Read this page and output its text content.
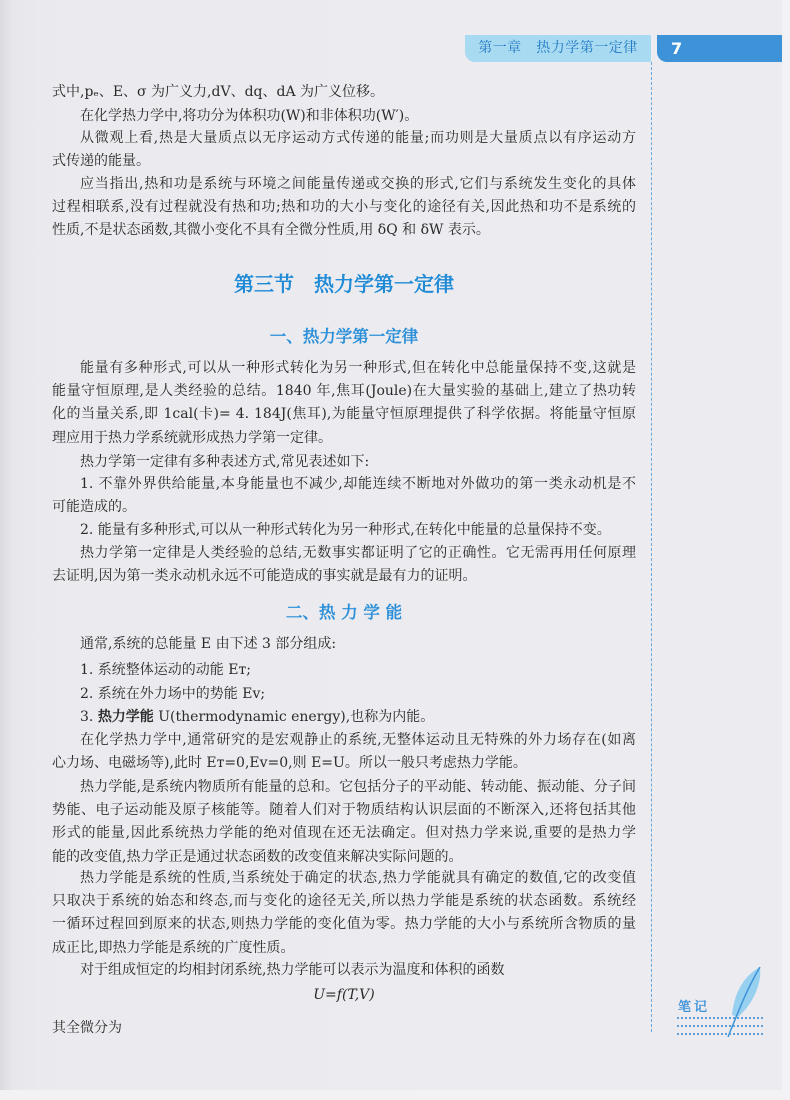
第一章　热力学第一定律	7
式中,pₑ、E、σ 为广义力,dV、dq、dA 为广义位移。
在化学热力学中,将功分为体积功(W)和非体积功(W′)。
从微观上看,热是大量质点以无序运动方式传递的能量;而功则是大量质点以有序运动方
式传递的能量。
应当指出,热和功是系统与环境之间能量传递或交换的形式,它们与系统发生变化的具体
过程相联系,没有过程就没有热和功;热和功的大小与变化的途径有关,因此热和功不是系统的
性质,不是状态函数,其微小变化不具有全微分性质,用 δQ 和 δW 表示。
第三节　热力学第一定律
一、热力学第一定律
能量有多种形式,可以从一种形式转化为另一种形式,但在转化中总能量保持不变,这就是
能量守恒原理,是人类经验的总结。1840 年,焦耳(Joule)在大量实验的基础上,建立了热功转
化的当量关系,即 1cal(卡)= 4. 184J(焦耳),为能量守恒原理提供了科学依据。将能量守恒原
理应用于热力学系统就形成热力学第一定律。
热力学第一定律有多种表述方式,常见表述如下:
1. 不靠外界供给能量,本身能量也不减少,却能连续不断地对外做功的第一类永动机是不
可能造成的。
2. 能量有多种形式,可以从一种形式转化为另一种形式,在转化中能量的总量保持不变。
热力学第一定律是人类经验的总结,无数事实都证明了它的正确性。它无需再用任何原理
去证明,因为第一类永动机永远不可能造成的事实就是最有力的证明。
二、热 力 学 能
通常,系统的总能量 E 由下述 3 部分组成:
1. 系统整体运动的动能 Eᴛ;
2. 系统在外力场中的势能 Eᴠ;
3. 热力学能 U(thermodynamic energy),也称为内能。
在化学热力学中,通常研究的是宏观静止的系统,无整体运动且无特殊的外力场存在(如离
心力场、电磁场等),此时 Eᴛ=0,Eᴠ=0,则 E=U。所以一般只考虑热力学能。
热力学能,是系统内物质所有能量的总和。它包括分子的平动能、转动能、振动能、分子间
势能、电子运动能及原子核能等。随着人们对于物质结构认识层面的不断深入,还将包括其他
形式的能量,因此系统热力学能的绝对值现在还无法确定。但对热力学来说,重要的是热力学
能的改变值,热力学正是通过状态函数的改变值来解决实际问题的。
热力学能是系统的性质,当系统处于确定的状态,热力学能就具有确定的数值,它的改变值
只取决于系统的始态和终态,而与变化的途径无关,所以热力学能是系统的状态函数。系统经
一循环过程回到原来的状态,则热力学能的变化值为零。热力学能的大小与系统所含物质的量
成正比,即热力学能是系统的广度性质。
对于组成恒定的均相封闭系统,热力学能可以表示为温度和体积的函数
U=f(T,V)
其全微分为
笔记
